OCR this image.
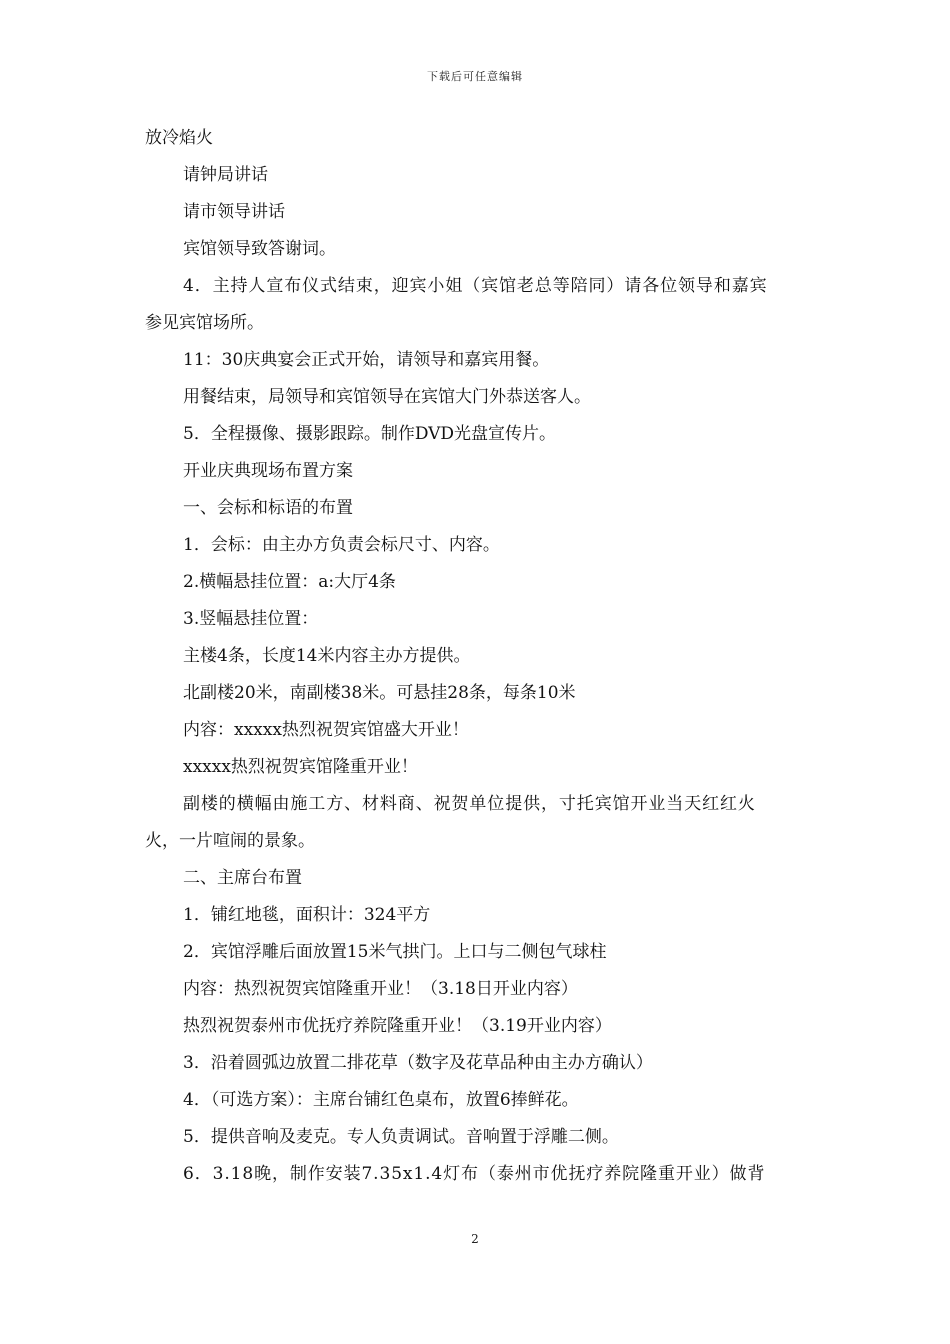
下载后可任意编辑
放冷焰火
请钟局讲话
请市领导讲话
宾馆领导致答谢词。
4．主持人宣布仪式结束，迎宾小姐（宾馆老总等陪同）请各位领导和嘉宾
参见宾馆场所。
11：30庆典宴会正式开始，请领导和嘉宾用餐。
用餐结束，局领导和宾馆领导在宾馆大门外恭送客人。
5．全程摄像、摄影跟踪。制作DVD光盘宣传片。
开业庆典现场布置方案
一、会标和标语的布置
1．会标：由主办方负责会标尺寸、内容。
2.横幅悬挂位置：a:大厅4条
3.竖幅悬挂位置：
主楼4条，长度14米内容主办方提供。
北副楼20米，南副楼38米。可悬挂28条，每条10米
内容：xxxxx热烈祝贺宾馆盛大开业！
xxxxx热烈祝贺宾馆隆重开业！
副楼的横幅由施工方、材料商、祝贺单位提供，寸托宾馆开业当天红红火
火，一片喧闹的景象。
二、主席台布置
1．铺红地毯，面积计：324平方
2．宾馆浮雕后面放置15米气拱门。上口与二侧包气球柱
内容：热烈祝贺宾馆隆重开业！（3.18日开业内容）
热烈祝贺泰州市优抚疗养院隆重开业！（3.19开业内容）
3．沿着圆弧边放置二排花草（数字及花草品种由主办方确认）
4．（可选方案）：主席台铺红色桌布，放置6捧鲜花。
5．提供音响及麦克。专人负责调试。音响置于浮雕二侧。
6．3.18晚，制作安装7.35x1.4灯布（泰州市优抚疗养院隆重开业）做背
2
